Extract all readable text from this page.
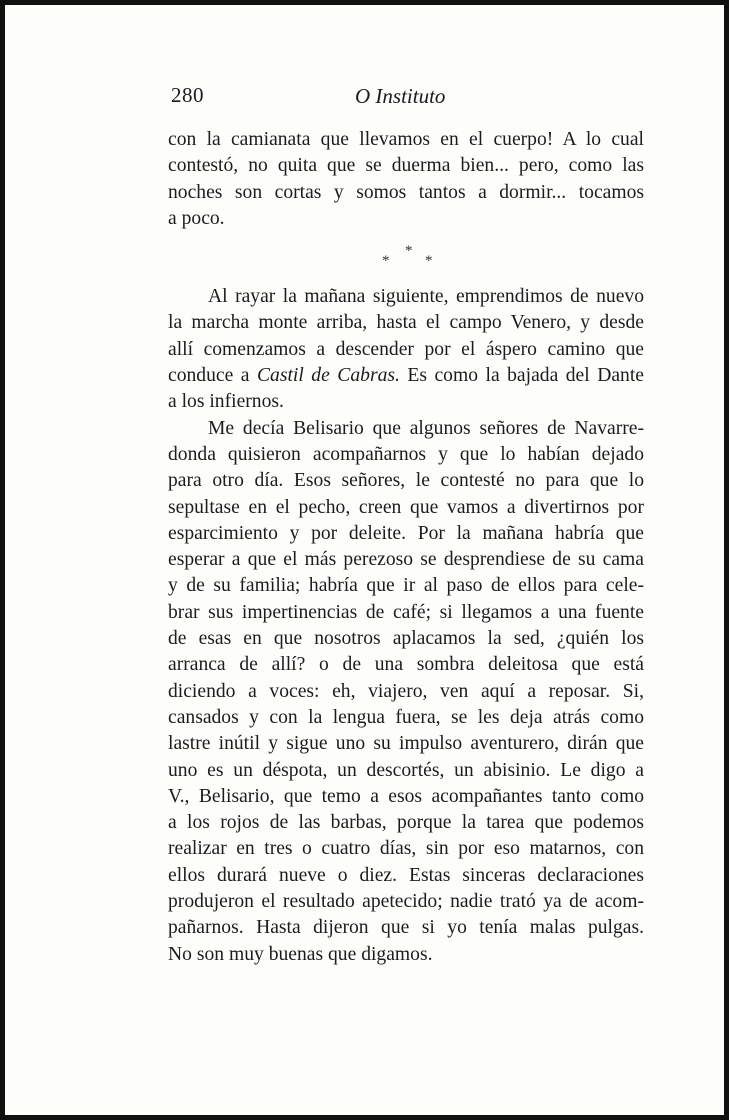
280	O Instituto
con la camianata que llevamos en el cuerpo! A lo cual
contestó, no quita que se duerma bien... pero, como las
noches son cortas y somos tantos a dormir... tocamos
a poco.
*
* *
Al rayar la mañana siguiente, emprendimos de nuevo
la marcha monte arriba, hasta el campo Venero, y desde
allí comenzamos a descender por el áspero camino que
conduce a Castil de Cabras. Es como la bajada del Dante
a los infiernos.
Me decía Belisario que algunos señores de Navarre-
donda quisieron acompañarnos y que lo habían dejado
para otro día. Esos señores, le contesté no para que lo
sepultase en el pecho, creen que vamos a divertirnos por
esparcimiento y por deleite. Por la mañana habría que
esperar a que el más perezoso se desprendiese de su cama
y de su familia; habría que ir al paso de ellos para cele-
brar sus impertinencias de café; si llegamos a una fuente
de esas en que nosotros aplacamos la sed, ¿quién los
arranca de allí? o de una sombra deleitosa que está
diciendo a voces: eh, viajero, ven aquí a reposar. Si,
cansados y con la lengua fuera, se les deja atrás como
lastre inútil y sigue uno su impulso aventurero, dirán que
uno es un déspota, un descortés, un abisinio. Le digo a
V., Belisario, que temo a esos acompañantes tanto como
a los rojos de las barbas, porque la tarea que podemos
realizar en tres o cuatro días, sin por eso matarnos, con
ellos durará nueve o diez. Estas sinceras declaraciones
produjeron el resultado apetecido; nadie trató ya de acom-
pañarnos. Hasta dijeron que si yo tenía malas pulgas.
No son muy buenas que digamos.
